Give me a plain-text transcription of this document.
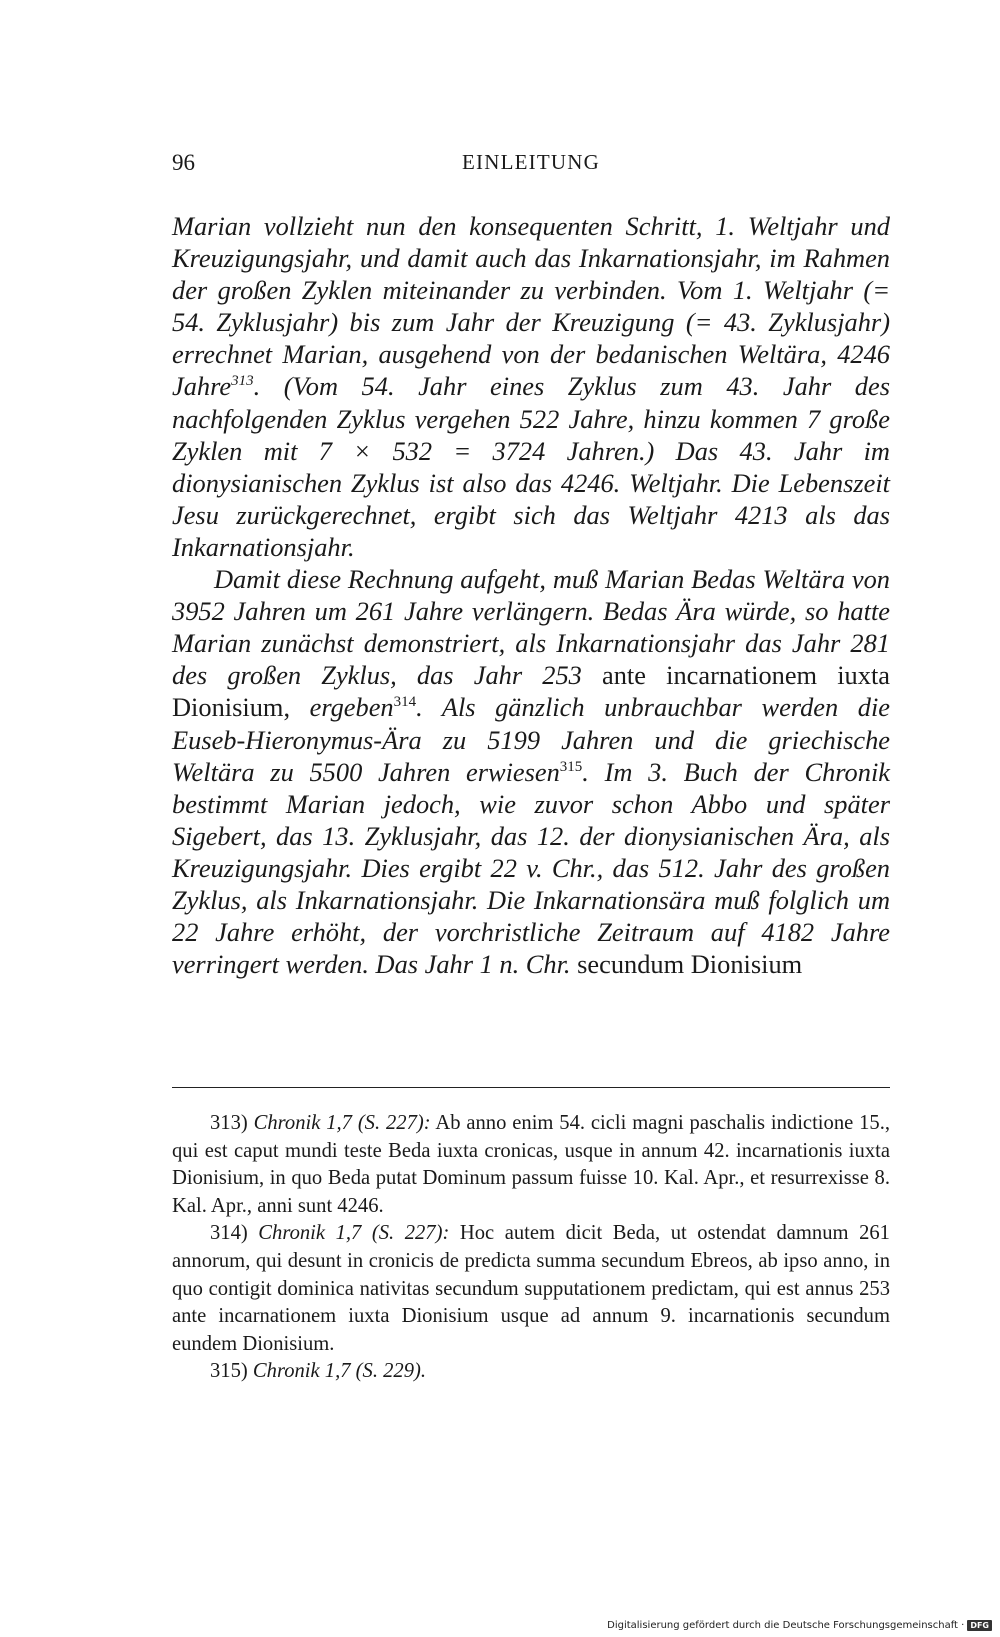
96	EINLEITUNG

Marian vollzieht nun den konsequenten Schritt, 1. Weltjahr und Kreuzigungsjahr, und damit auch das Inkarnationsjahr, im Rahmen der großen Zyklen miteinander zu verbinden. Vom 1. Weltjahr (= 54. Zyklusjahr) bis zum Jahr der Kreuzigung (= 43. Zyklusjahr) errechnet Marian, ausgehend von der bedanischen Weltära, 4246 Jahre$^{313}$. (Vom 54. Jahr eines Zyklus zum 43. Jahr des nachfolgenden Zyklus vergehen 522 Jahre, hinzu kommen 7 große Zyklen mit 7 × 532 = 3724 Jahren.) Das 43. Jahr im dionysianischen Zyklus ist also das 4246. Weltjahr. Die Lebenszeit Jesu zurückgerechnet, ergibt sich das Weltjahr 4213 als das Inkarnationsjahr.

Damit diese Rechnung aufgeht, muß Marian Bedas Weltära von 3952 Jahren um 261 Jahre verlängern. Bedas Ära würde, so hatte Marian zunächst demonstriert, als Inkarnationsjahr das Jahr 281 des großen Zyklus, das Jahr 253 ante incarnationem iuxta Dionisium, ergeben$^{314}$. Als gänzlich unbrauchbar werden die Euseb-Hieronymus-Ära zu 5199 Jahren und die griechische Weltära zu 5500 Jahren erwiesen$^{315}$. Im 3. Buch der Chronik bestimmt Marian jedoch, wie zuvor schon Abbo und später Sigebert, das 13. Zyklusjahr, das 12. der dionysianischen Ära, als Kreuzigungsjahr. Dies ergibt 22 v. Chr., das 512. Jahr des großen Zyklus, als Inkarnationsjahr. Die Inkarnationsära muß folglich um 22 Jahre erhöht, der vorchristliche Zeitraum auf 4182 Jahre verringert werden. Das Jahr 1 n. Chr. secundum Dionisium

313) Chronik 1,7 (S. 227): Ab anno enim 54. cicli magni paschalis indictione 15., qui est caput mundi teste Beda iuxta cronicas, usque in annum 42. incarnationis iuxta Dionisium, in quo Beda putat Dominum passum fuisse 10. Kal. Apr., et resurrexisse 8. Kal. Apr., anni sunt 4246.

314) Chronik 1,7 (S. 227): Hoc autem dicit Beda, ut ostendat damnum 261 annorum, qui desunt in cronicis de predicta summa secundum Ebreos, ab ipso anno, in quo contigit dominica nativitas secundum supputationem predictam, qui est annus 253 ante incarnationem iuxta Dionisium usque ad annum 9. incarnationis secundum eundem Dionisium.

315) Chronik 1,7 (S. 229).

Digitalisierung gefördert durch die Deutsche Forschungsgemeinschaft · DFG
